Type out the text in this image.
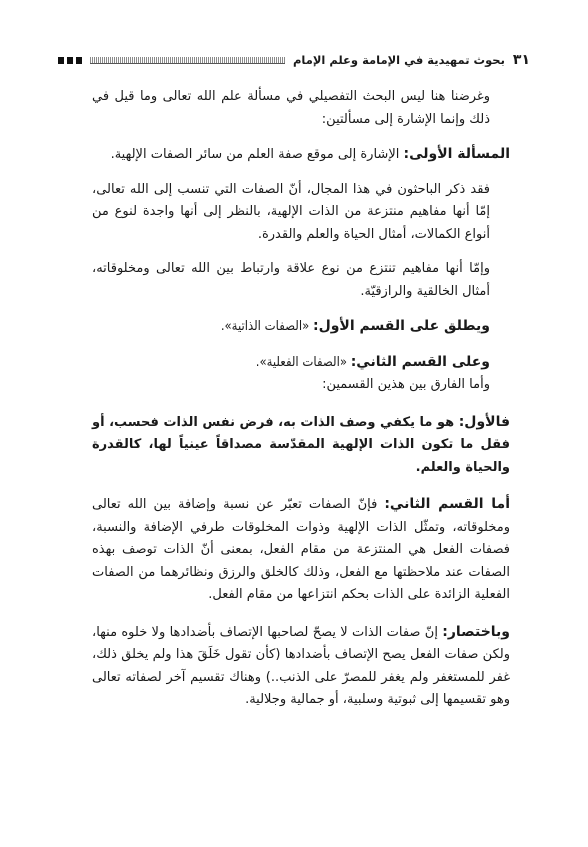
٣١
بحوث تمهيدية في الإمامة وعلم الإمام

وغرضنا هنا ليس البحث التفصيلي في مسألة علم الله تعالى وما قيل في ذلك وإنما الإشارة إلى مسألتين:

المسألة الأولى: الإشارة إلى موقع صفة العلم من سائر الصفات الإلهية.

فقد ذكر الباحثون في هذا المجال، أنّ الصفات التي تنسب إلى الله تعالى، إمّا أنها مفاهيم منتزعة من الذات الإلهية، بالنظر إلى أنها واجدة لنوع من أنواع الكمالات، أمثال الحياة والعلم والقدرة.

وإمّا أنها مفاهيم تنتزع من نوع علاقة وارتباط بين الله تعالى ومخلوقاته، أمثال الخالقية والرازقيّة.

ويطلق على القسم الأول: «الصفات الذاتية».

وعلى القسم الثاني: «الصفات الفعلية».

وأما الفارق بين هذين القسمين:

فالأول: هو ما يكفي وصف الذات به، فرض نفس الذات فحسب، أو فقل ما تكون الذات الإلهية المقدّسة مصداقاً عينياً لها، كالقدرة والحياة والعلم.

أما القسم الثاني: فإنّ الصفات تعبّر عن نسبة وإضافة بين الله تعالى ومخلوقاته، وتمثّل الذات الإلهية وذوات المخلوقات طرفي الإضافة والنسبة، فصفات الفعل هي المنتزعة من مقام الفعل، بمعنى أنّ الذات توصف بهذه الصفات عند ملاحظتها مع الفعل، وذلك كالخلق والرزق ونظائرهما من الصفات الفعلية الزائدة على الذات بحكم انتزاعها من مقام الفعل.

وباختصار: إنّ صفات الذات لا يصحّ لصاحبها الإتصاف بأضدادها ولا خلوه منها، ولكن صفات الفعل يصح الإتصاف بأضدادها (كأن تقول خَلَقَ هذا ولم يخلق ذلك، غفر للمستغفر ولم يغفر للمصرّ على الذنب..) وهناك تقسيم آخر لصفاته تعالى وهو تقسيمها إلى ثبوتية وسلبية، أو جمالية وجلالية.
